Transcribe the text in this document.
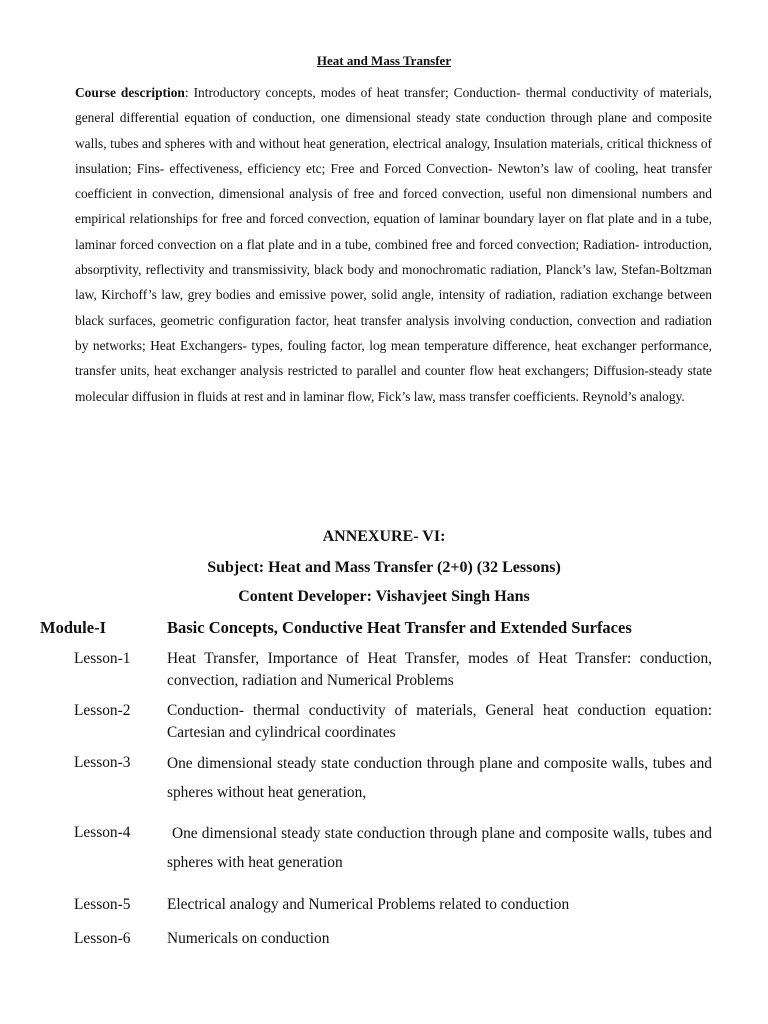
Heat and Mass Transfer

Course description: Introductory concepts, modes of heat transfer; Conduction- thermal conductivity of materials, general differential equation of conduction, one dimensional steady state conduction through plane and composite walls, tubes and spheres with and without heat generation, electrical analogy, Insulation materials, critical thickness of insulation; Fins- effectiveness, efficiency etc; Free and Forced Convection- Newton’s law of cooling, heat transfer coefficient in convection, dimensional analysis of free and forced convection, useful non dimensional numbers and empirical relationships for free and forced convection, equation of laminar boundary layer on flat plate and in a tube, laminar forced convection on a flat plate and in a tube, combined free and forced convection; Radiation- introduction, absorptivity, reflectivity and transmissivity, black body and monochromatic radiation, Planck’s law, Stefan-Boltzman law, Kirchoff’s law, grey bodies and emissive power, solid angle, intensity of radiation, radiation exchange between black surfaces, geometric configuration factor, heat transfer analysis involving conduction, convection and radiation by networks; Heat Exchangers- types, fouling factor, log mean temperature difference, heat exchanger performance, transfer units, heat exchanger analysis restricted to parallel and counter flow heat exchangers; Diffusion-steady state molecular diffusion in fluids at rest and in laminar flow, Fick’s law, mass transfer coefficients. Reynold’s analogy.

ANNEXURE- VI:
Subject: Heat and Mass Transfer (2+0) (32 Lessons)
Content Developer: Vishavjeet Singh Hans
Module-I	Basic Concepts, Conductive Heat Transfer and Extended Surfaces
Lesson-1 Heat Transfer, Importance of Heat Transfer, modes of Heat Transfer: conduction, convection, radiation and Numerical Problems
Lesson-2 Conduction- thermal conductivity of materials, General heat conduction equation: Cartesian and cylindrical coordinates
Lesson-3 One dimensional steady state conduction through plane and composite walls, tubes and spheres without heat generation,
Lesson-4	One dimensional steady state conduction through plane and composite walls, tubes and spheres with heat generation
Lesson-5 Electrical analogy and Numerical Problems related to conduction
Lesson-6 Numericals on conduction
